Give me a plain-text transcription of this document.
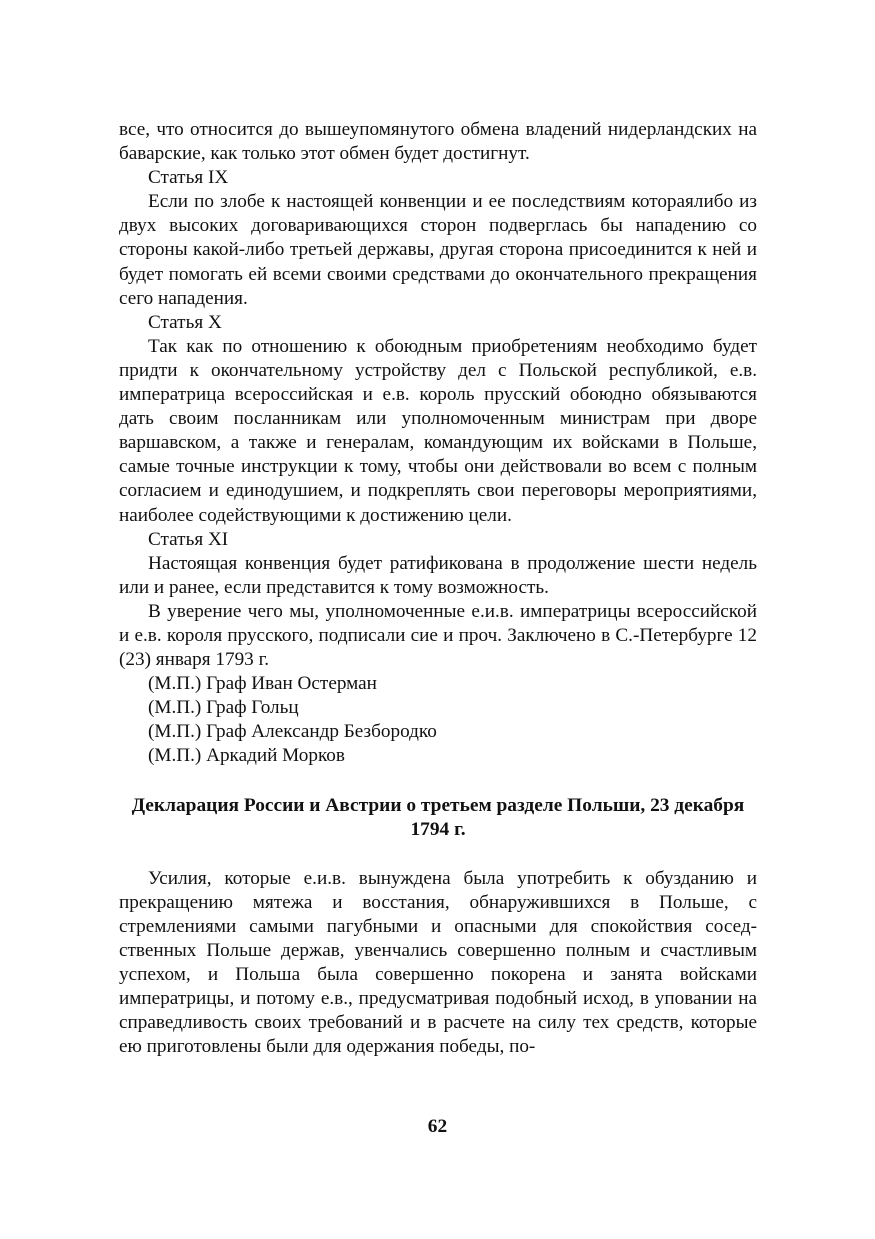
все, что относится до вышеупомянутого обмена владений нидерландских на баварские, как только этот обмен будет достигнут.

Статья IX

Если по злобе к настоящей конвенции и ее последствиям котораялибо из двух высоких договаривающихся сторон подверглась бы нападению со стороны какой-либо третьей державы, другая сторона присоединится к ней и будет помогать ей всеми своими средствами до окончательного прекращения сего нападения.

Статья X

Так как по отношению к обоюдным приобретениям необходимо будет придти к окончательному устройству дел с Польской республикой, е.в. императрица всероссийская и е.в. король прусский обоюдно обязываются дать своим посланникам или уполномоченным министрам при дворе варшавском, а также и генералам, командующим их войсками в Польше, самые точные инструкции к тому, чтобы они действовали во всем с полным согласием и единодушием, и подкреплять свои переговоры мероприятиями, наиболее содействующими к достижению цели.

Статья XI

Настоящая конвенция будет ратификована в продолжение шести недель или и ранее, если представится к тому возможность.

В уверение чего мы, уполномоченные е.и.в. императрицы всероссийской и е.в. короля прусского, подписали сие и проч. Заключено в С.-Петербурге 12 (23) января 1793 г.

(М.П.) Граф Иван Остерман

(М.П.) Граф Гольц

(М.П.) Граф Александр Безбородко

(М.П.) Аркадий Морков

Декларация России и Австрии о третьем разделе Польши, 23 декабря 1794 г.

Усилия, которые е.и.в. вынуждена была употребить к обузданию и прекращению мятежа и восстания, обнаружившихся в Польше, с стремлениями самыми пагубными и опасными для спокойствия соседственных Польше держав, увенчались совершенно полным и счастливым успехом, и Польша была совершенно покорена и занята войсками императрицы, и потому е.в., предусматривая подобный исход, в уповании на справедливость своих требований и в расчете на силу тех средств, которые ею приготовлены были для одержания победы, по-

62
